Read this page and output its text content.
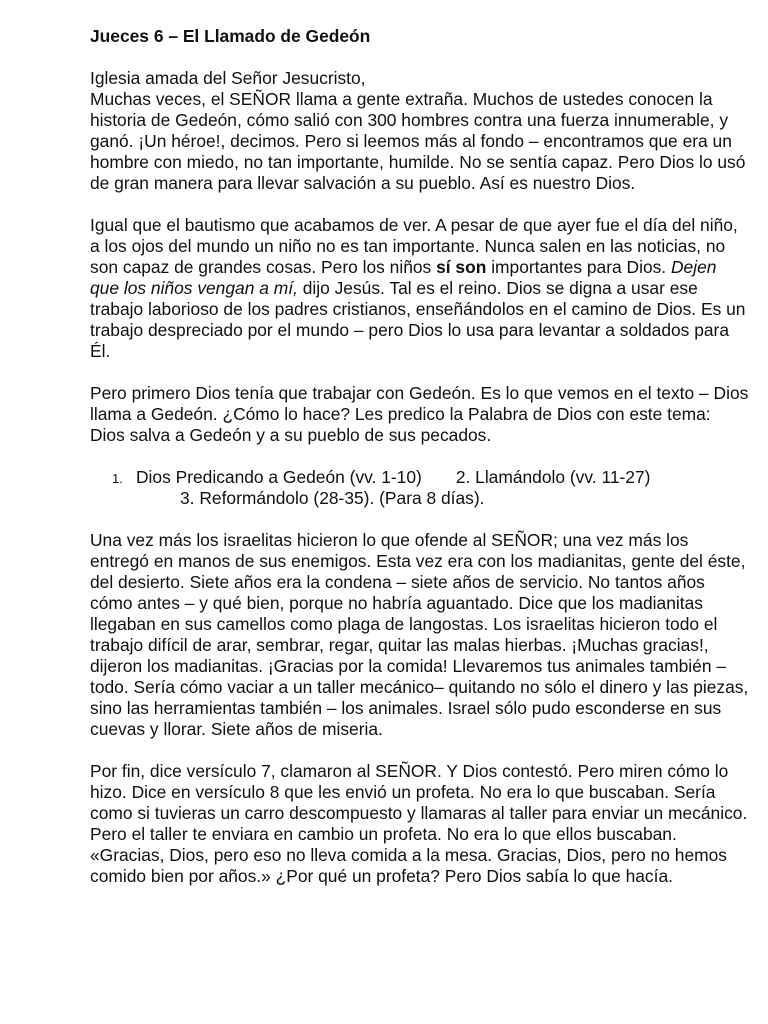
Jueces 6 – El Llamado de Gedeón
Iglesia amada del Señor Jesucristo,
Muchas veces, el SEÑOR llama a gente extraña. Muchos de ustedes conocen la historia de Gedeón, cómo salió con 300 hombres contra una fuerza innumerable, y ganó. ¡Un héroe!, decimos. Pero si leemos más al fondo – encontramos que era un hombre con miedo, no tan importante, humilde. No se sentía capaz. Pero Dios lo usó de gran manera para llevar salvación a su pueblo. Así es nuestro Dios.
Igual que el bautismo que acabamos de ver. A pesar de que ayer fue el día del niño, a los ojos del mundo un niño no es tan importante. Nunca salen en las noticias, no son capaz de grandes cosas. Pero los niños sí son importantes para Dios. Dejen que los niños vengan a mí, dijo Jesús. Tal es el reino. Dios se digna a usar ese trabajo laborioso de los padres cristianos, enseñándolos en el camino de Dios. Es un trabajo despreciado por el mundo – pero Dios lo usa para levantar a soldados para Él.
Pero primero Dios tenía que trabajar con Gedeón. Es lo que vemos en el texto – Dios llama a Gedeón. ¿Cómo lo hace? Les predico la Palabra de Dios con este tema: Dios salva a Gedeón y a su pueblo de sus pecados.
1. Dios Predicando a Gedeón (vv. 1-10) 2. Llamándolo (vv. 11-27)
3. Reformándolo (28-35). (Para 8 días).
Una vez más los israelitas hicieron lo que ofende al SEÑOR; una vez más los entregó en manos de sus enemigos. Esta vez era con los madianitas, gente del éste, del desierto. Siete años era la condena – siete años de servicio. No tantos años cómo antes – y qué bien, porque no habría aguantado. Dice que los madianitas llegaban en sus camellos como plaga de langostas. Los israelitas hicieron todo el trabajo difícil de arar, sembrar, regar, quitar las malas hierbas. ¡Muchas gracias!, dijeron los madianitas. ¡Gracias por la comida! Llevaremos tus animales también – todo. Sería cómo vaciar a un taller mecánico– quitando no sólo el dinero y las piezas, sino las herramientas también – los animales. Israel sólo pudo esconderse en sus cuevas y llorar. Siete años de miseria.
Por fin, dice versículo 7, clamaron al SEÑOR. Y Dios contestó. Pero miren cómo lo hizo. Dice en versículo 8 que les envió un profeta. No era lo que buscaban. Sería como si tuvieras un carro descompuesto y llamaras al taller para enviar un mecánico. Pero el taller te enviara en cambio un profeta. No era lo que ellos buscaban. «Gracias, Dios, pero eso no lleva comida a la mesa. Gracias, Dios, pero no hemos comido bien por años.» ¿Por qué un profeta? Pero Dios sabía lo que hacía.
